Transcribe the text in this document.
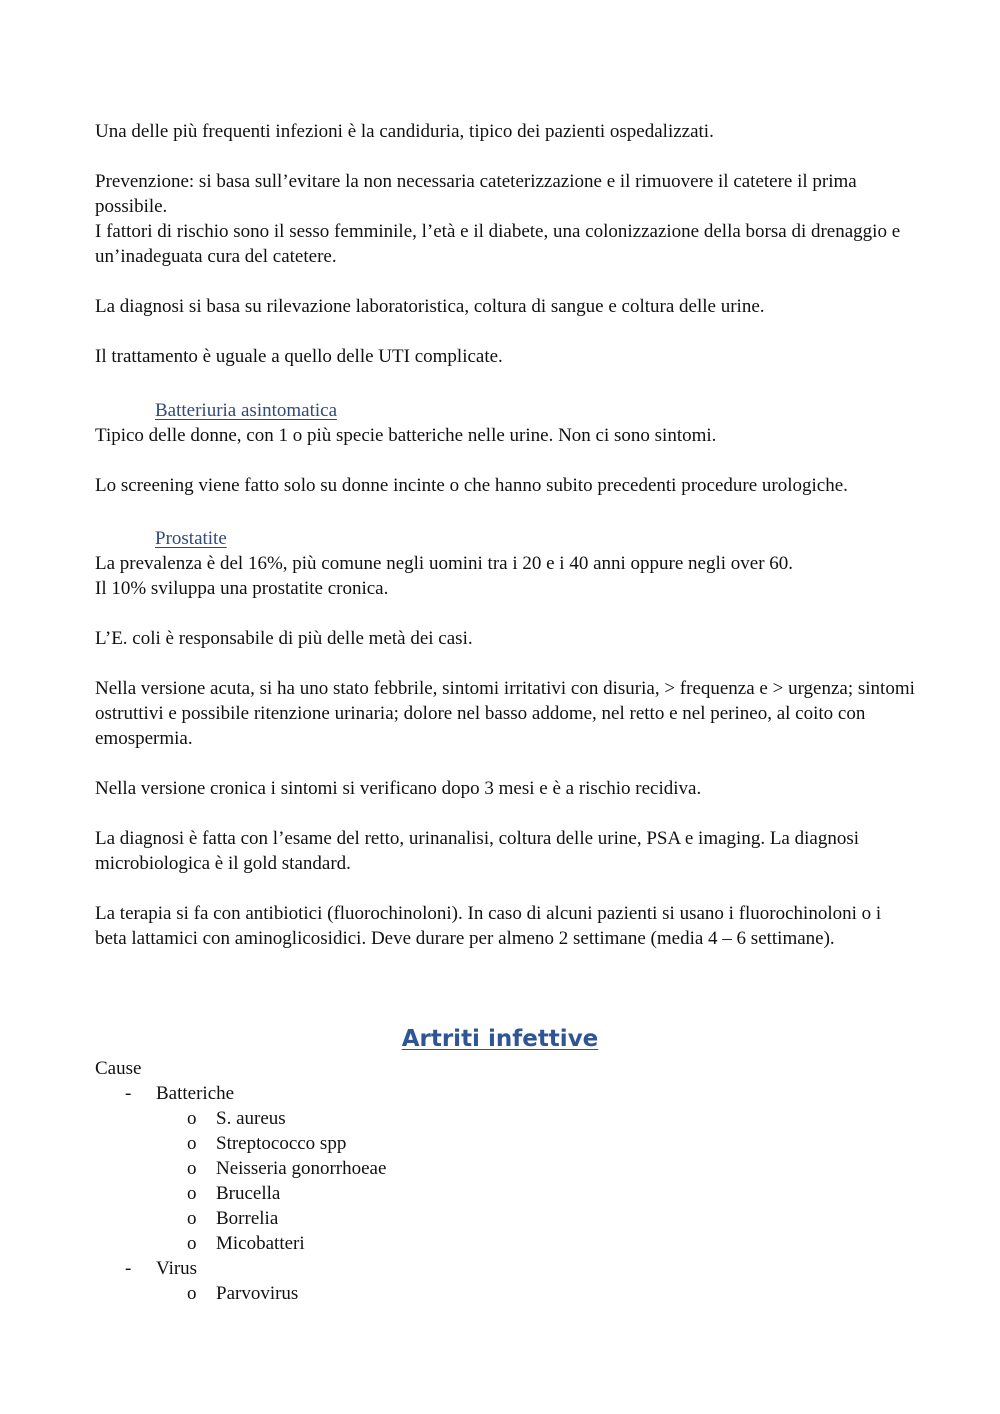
Una delle più frequenti infezioni è la candiduria, tipico dei pazienti ospedalizzati.

Prevenzione: si basa sull’evitare la non necessaria cateterizzazione e il rimuovere il catetere il prima possibile.

I fattori di rischio sono il sesso femminile, l’età e il diabete, una colonizzazione della borsa di drenaggio e un’inadeguata cura del catetere.

La diagnosi si basa su rilevazione laboratoristica, coltura di sangue e coltura delle urine.

Il trattamento è uguale a quello delle UTI complicate.

Batteriuria asintomatica

Tipico delle donne, con 1 o più specie batteriche nelle urine. Non ci sono sintomi.

Lo screening viene fatto solo su donne incinte o che hanno subito precedenti procedure urologiche.

Prostatite

La prevalenza è del 16%, più comune negli uomini tra i 20 e i 40 anni oppure negli over 60.

Il 10% sviluppa una prostatite cronica.

L’E. coli è responsabile di più delle metà dei casi.

Nella versione acuta, si ha uno stato febbrile, sintomi irritativi con disuria, > frequenza e > urgenza; sintomi ostruttivi e possibile ritenzione urinaria; dolore nel basso addome, nel retto e nel perineo, al coito con emospermia.

Nella versione cronica i sintomi si verificano dopo 3 mesi e è a rischio recidiva.

La diagnosi è fatta con l’esame del retto, urinanalisi, coltura delle urine, PSA e imaging. La diagnosi microbiologica è il gold standard.

La terapia si fa con antibiotici (fluorochinoloni). In caso di alcuni pazienti si usano i fluorochinoloni o i beta lattamici con aminoglicosidici. Deve durare per almeno 2 settimane (media 4 – 6 settimane).

Artriti infettive

Cause

- Batteriche
o S. aureus
o Streptococco spp
o Neisseria gonorrhoeae
o Brucella
o Borrelia
o Micobatteri
- Virus
o Parvovirus
